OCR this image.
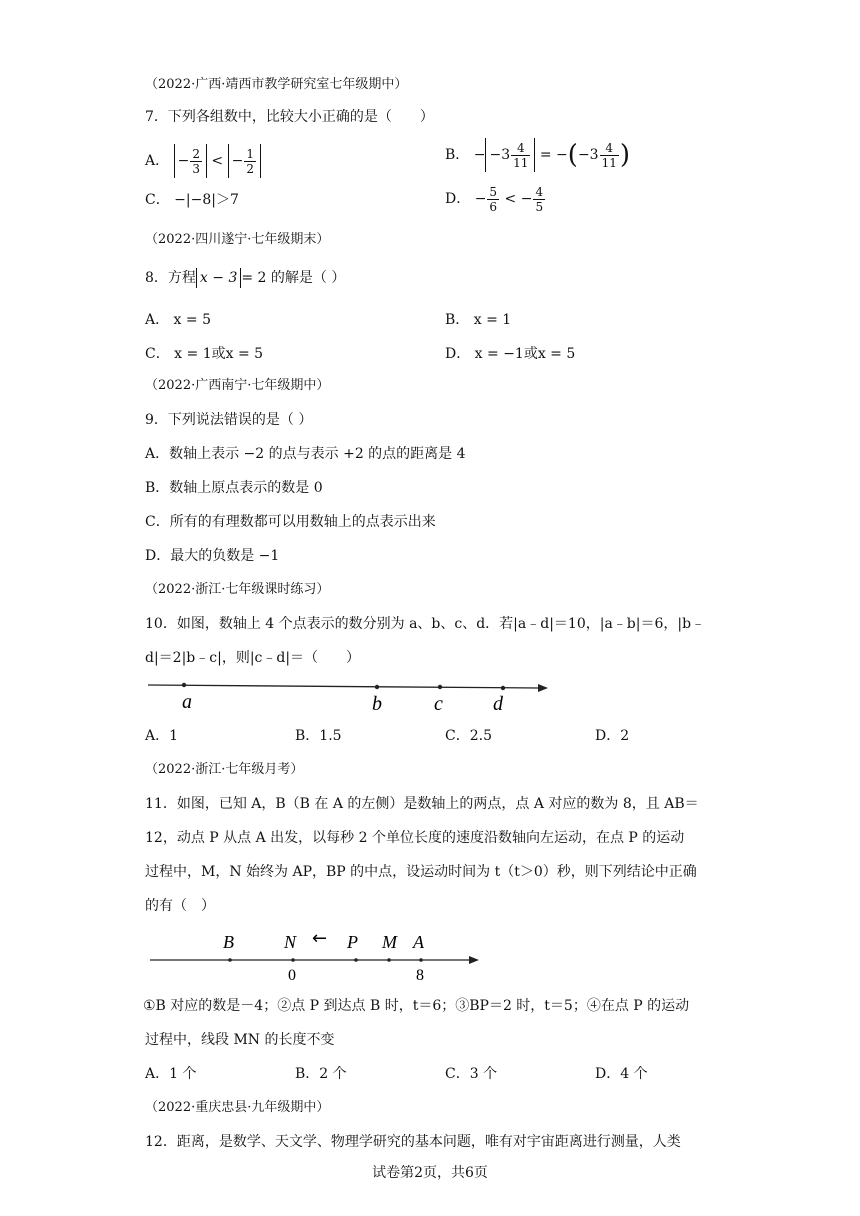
（2022·广西·靖西市教学研究室七年级期中）
7．下列各组数中，比较大小正确的是（　　）
A． − $\frac{2}{3}$ < − $\frac{1}{2}$	B． − $-3 \frac{4}{11} = -(-3 \frac{4}{11}$ )
C． −|−8|＞7	D． − $\frac{5}{6}$ < − $\frac{4}{5}$
（2022·四川遂宁·七年级期末）
8．方程 x − 3 = 2 的解是（ ）
A． x = 5	B． x = 1
C． x = 1或x = 5	D． x = −1或x = 5
（2022·广西南宁·七年级期中）
9．下列说法错误的是（ ）
A．数轴上表示 −2 的点与表示 +2 的点的距离是 4
B．数轴上原点表示的数是 0
C．所有的有理数都可以用数轴上的点表示出来
D．最大的负数是 −1
（2022·浙江·七年级课时练习）
10．如图，数轴上 4 个点表示的数分别为 a、b、c、d．若|a﹣d|＝10，|a﹣b|＝6，|b﹣
d|＝2|b﹣c|，则|c﹣d|＝（　　）
a	b	c	d
A．1	B．1.5	C．2.5	D．2
（2022·浙江·七年级月考）
11．如图，已知 A，B（B 在 A 的左侧）是数轴上的两点，点 A 对应的数为 8，且 AB＝
12，动点 P 从点 A 出发，以每秒 2 个单位长度的速度沿数轴向左运动，在点 P 的运动
过程中，M，N 始终为 AP，BP 的中点，设运动时间为 t（t＞0）秒，则下列结论中正确
的有（　）
B	N ← P M A
0	8
①B 对应的数是－4；②点 P 到达点 B 时，t＝6；③BP＝2 时，t＝5；④在点 P 的运动
过程中，线段 MN 的长度不变
A．1 个	B．2 个	C．3 个	D．4 个
（2022·重庆忠县·九年级期中）
12．距离，是数学、天文学、物理学研究的基本问题，唯有对宇宙距离进行测量，人类
试卷第2页，共6页
